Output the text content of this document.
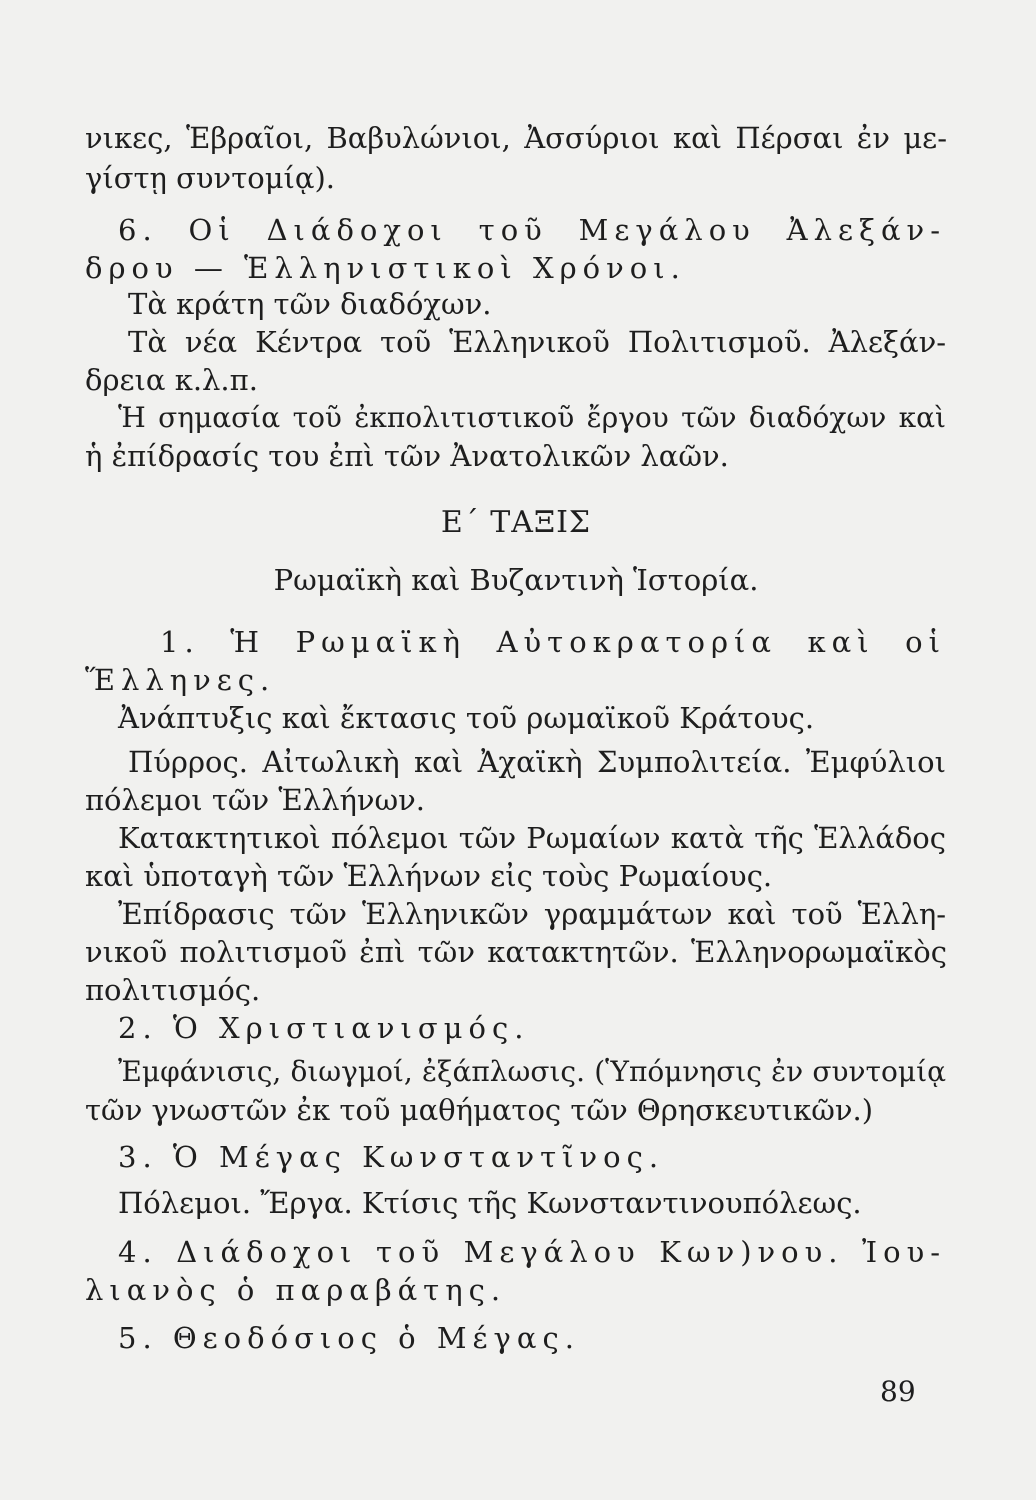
νικες, Ἑβραῖοι, Βαβυλώνιοι, Ἀσσύριοι καὶ Πέρσαι ἐν με-
γίστῃ συντομίᾳ).
6. Οἱ Διάδοχοι τοῦ Μεγάλου Ἀλεξάν-
δρου — Ἑλληνιστικοὶ Χρόνοι.
Τὰ κράτη τῶν διαδόχων.
Τὰ νέα Κέντρα τοῦ Ἑλληνικοῦ Πολιτισμοῦ. Ἀλεξάν-
δρεια κ.λ.π.
Ἡ σημασία τοῦ ἐκπολιτιστικοῦ ἔργου τῶν διαδόχων καὶ
ἡ ἐπίδρασίς του ἐπὶ τῶν Ἀνατολικῶν λαῶν.
Ε΄ ΤΑΞΙΣ
Ρωμαϊκὴ καὶ Βυζαντινὴ Ἱστορία.
1. Ἡ Ρωμαϊκὴ Αὐτοκρατορία καὶ οἱ
Ἕλληνες.
Ἀνάπτυξις καὶ ἔκτασις τοῦ ρωμαϊκοῦ Κράτους.
Πύρρος. Αἰτωλικὴ καὶ Ἀχαϊκὴ Συμπολιτεία. Ἐμφύλιοι
πόλεμοι τῶν Ἑλλήνων.
Κατακτητικοὶ πόλεμοι τῶν Ρωμαίων κατὰ τῆς Ἑλλάδος
καὶ ὑποταγὴ τῶν Ἑλλήνων εἰς τοὺς Ρωμαίους.
Ἐπίδρασις τῶν Ἑλληνικῶν γραμμάτων καὶ τοῦ Ἑλλη-
νικοῦ πολιτισμοῦ ἐπὶ τῶν κατακτητῶν. Ἑλληνορωμαϊκὸς
πολιτισμός.
2. Ὁ Χριστιανισμός.
Ἐμφάνισις, διωγμοί, ἐξάπλωσις. (Ὑπόμνησις ἐν συντομίᾳ
τῶν γνωστῶν ἐκ τοῦ μαθήματος τῶν Θρησκευτικῶν.)
3. Ὁ Μέγας Κωνσταντῖνος.
Πόλεμοι. Ἔργα. Κτίσις τῆς Κωνσταντινουπόλεως.
4. Διάδοχοι τοῦ Μεγάλου Κων)νου. Ἰου-
λιανὸς ὁ παραβάτης.
5. Θεοδόσιος ὁ Μέγας.
89
